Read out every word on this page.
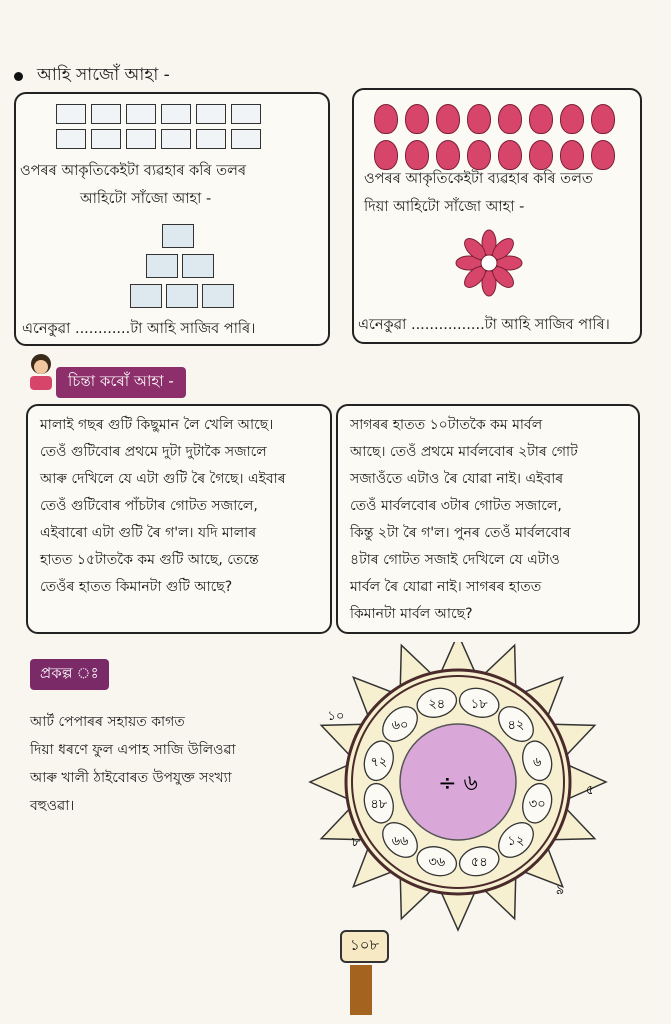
আহি সাজোঁ আহা -
ওপৰৰ আকৃতিকেইটা ব্যৱহাৰ কৰি তলৰ
আহিটো সাঁজো আহা -
এনেকুৱা ............টা আহি সাজিব পাৰি।
ওপৰৰ আকৃতিকেইটা ব্যৱহাৰ কৰি তলত
দিয়া আহিটো সাঁজো আহা -
এনেকুৱা ................টা আহি সাজিব পাৰি।
চিন্তা কৰোঁ আহা -
মালাই গছৰ গুটি কিছুমান লৈ খেলি আছে।
তেওঁ গুটিবোৰ প্ৰথমে দুটা দুটাকৈ সজালে
আৰু দেখিলে যে এটা গুটি ৰৈ গৈছে। এইবাৰ
তেওঁ গুটিবোৰ পাঁচটাৰ গোটত সজালে,
এইবাৰো এটা গুটি ৰৈ গ'ল। যদি মালাৰ
হাতত ১৫টাতকৈ কম গুটি আছে, তেন্তে
তেওঁৰ হাতত কিমানটা গুটি আছে?
সাগৰৰ হাতত ১০টাতকৈ কম মাৰ্বল
আছে। তেওঁ প্ৰথমে মাৰ্বলবোৰ ২টাৰ গোট
সজাওঁতে এটাও ৰৈ যোৱা নাই। এইবাৰ
তেওঁ মাৰ্বলবোৰ ৩টাৰ গোটত সজালে,
কিন্তু ২টা ৰৈ গ'ল। পুনৰ তেওঁ মাৰ্বলবোৰ
৪টাৰ গোটত সজাই দেখিলে যে এটাও
মাৰ্বল ৰৈ যোৱা নাই। সাগৰৰ হাতত
কিমানটা মাৰ্বল আছে?
প্ৰকল্প ঃ
আৰ্ট পেপাৰৰ সহায়ত কাগত
দিয়া ধৰণে ফুল এপাহ সাজি উলিওৱা
আৰু খালী ঠাইবোৰত উপযুক্ত সংখ্যা
বহুওৱা।
২৪ ১৮
৪২
৬
৩০
১২
৫৪
৩৬
৬৬
৪৮
৭২
৬০
÷ ৬
১০
৫
৯
৮
১০৮
